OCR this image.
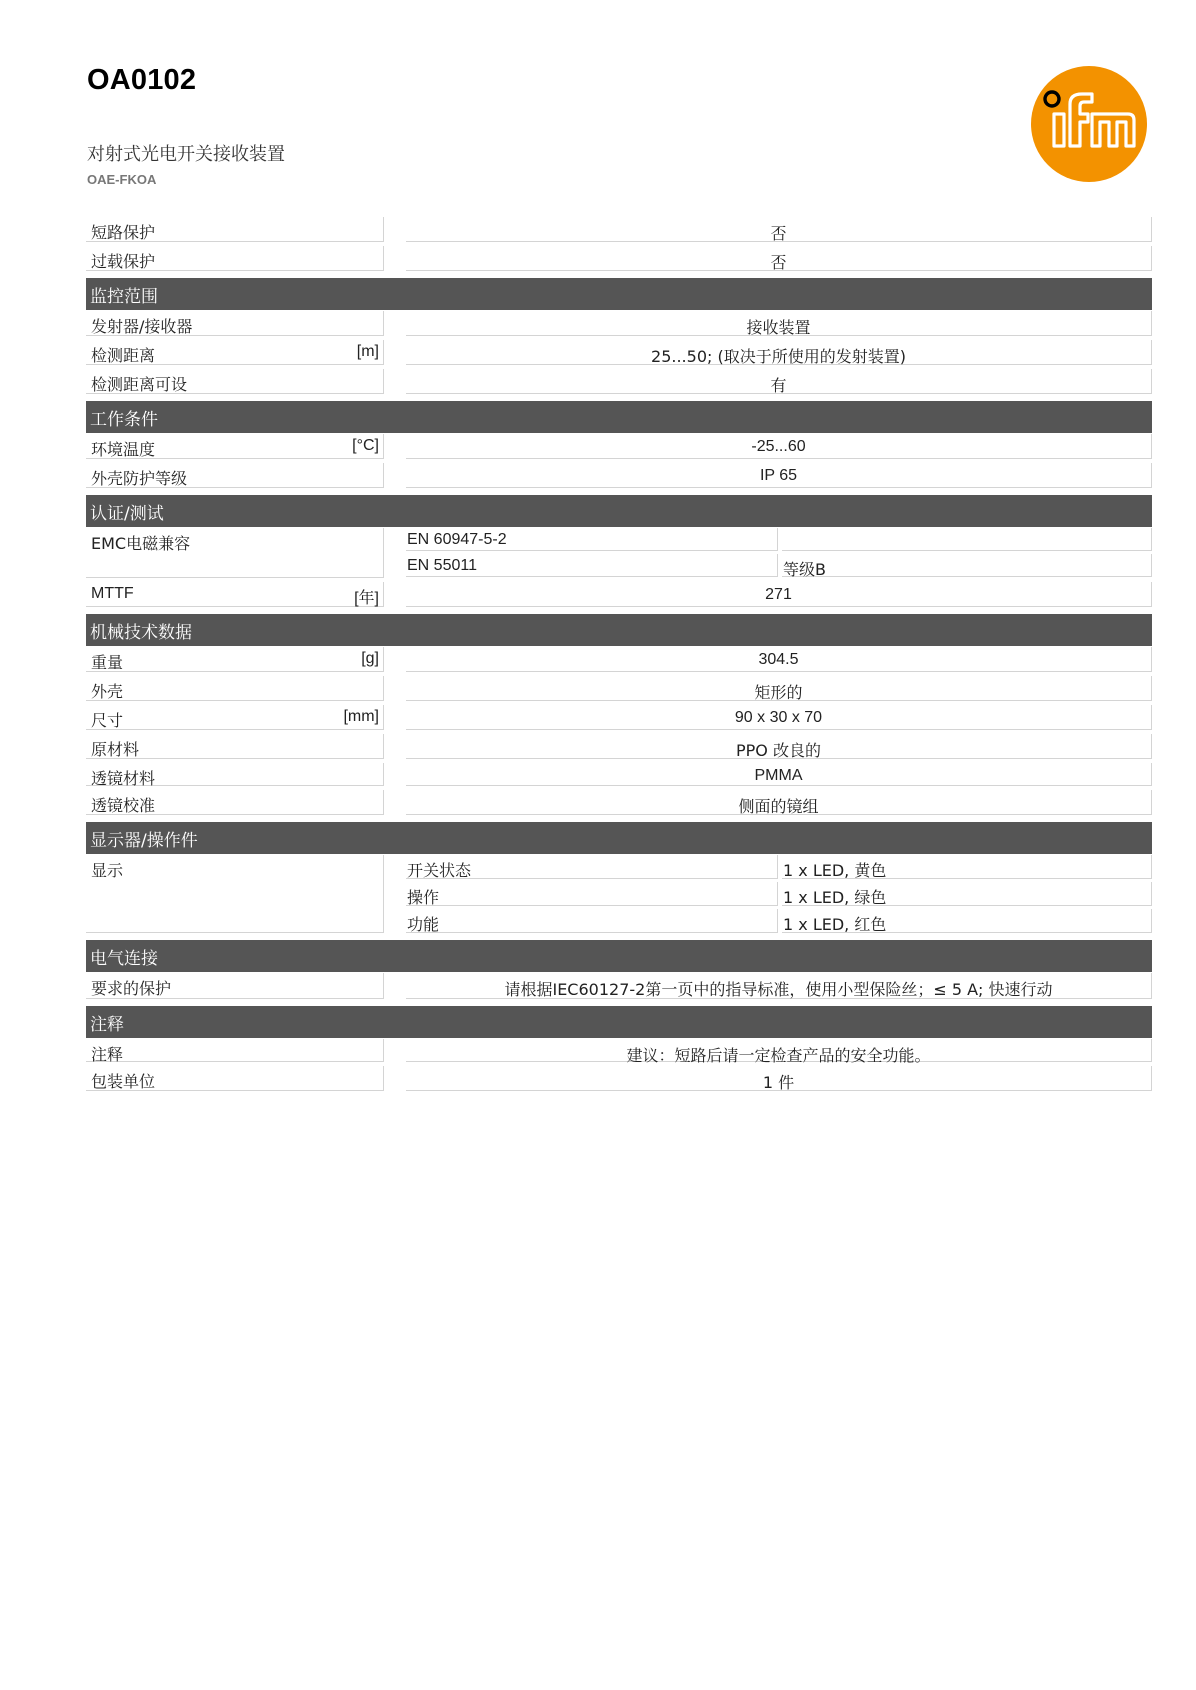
OA0102
对射式光电开关接收装置
OAE-FKOA
短路保护	否
过载保护	否
监控范围
发射器/接收器	接收装置
检测距离	[m]	25...50; (取决于所使用的发射装置)
检测距离可设	有
工作条件
环境温度	[°C]	-25...60
外壳防护等级	IP 65
认证/测试
EMC电磁兼容	EN 60947-5-2
EN 55011	等级B
MTTF	[年]	271
机械技术数据
重量	[g]	304.5
外壳	矩形的
尺寸	[mm]	90 x 30 x 70
原材料	PPO 改良的
透镜材料	PMMA
透镜校准	侧面的镜组
显示器/操作件
显示	开关状态	1 x LED, 黄色
操作	1 x LED, 绿色
功能	1 x LED, 红色
电气连接
要求的保护	请根据IEC60127-2第一页中的指导标准，使用小型保险丝；≤ 5 A; 快速行动
注释
注释	建议：短路后请一定检查产品的安全功能。
包装单位	1 件
